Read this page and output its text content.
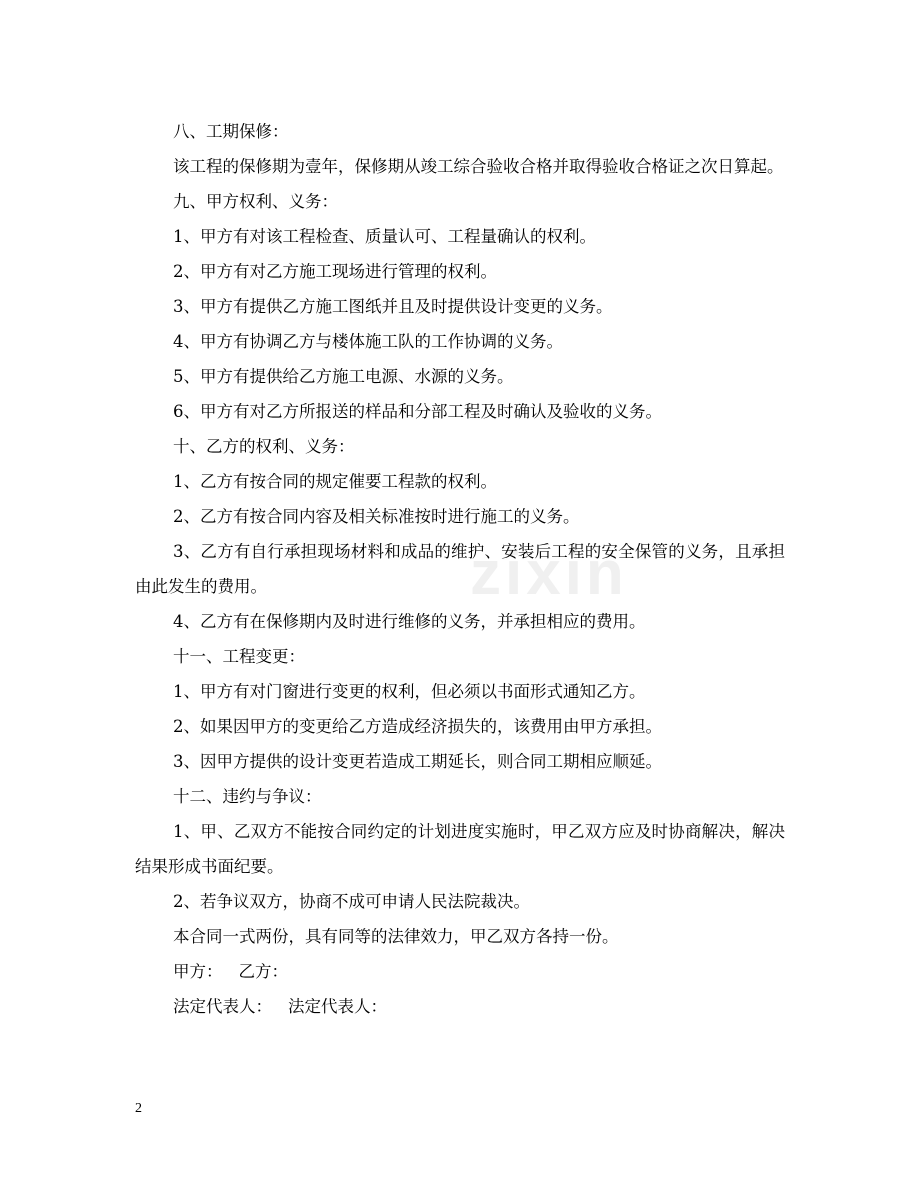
zixin

八、工期保修：

该工程的保修期为壹年，保修期从竣工综合验收合格并取得验收合格证之次日算起。

九、甲方权利、义务：

1、甲方有对该工程检查、质量认可、工程量确认的权利。

2、甲方有对乙方施工现场进行管理的权利。

3、甲方有提供乙方施工图纸并且及时提供设计变更的义务。

4、甲方有协调乙方与楼体施工队的工作协调的义务。

5、甲方有提供给乙方施工电源、水源的义务。

6、甲方有对乙方所报送的样品和分部工程及时确认及验收的义务。

十、乙方的权利、义务：

1、乙方有按合同的规定催要工程款的权利。

2、乙方有按合同内容及相关标准按时进行施工的义务。

3、乙方有自行承担现场材料和成品的维护、安装后工程的安全保管的义务，且承担由此发生的费用。

4、乙方有在保修期内及时进行维修的义务，并承担相应的费用。

十一、工程变更：

1、甲方有对门窗进行变更的权利，但必须以书面形式通知乙方。

2、如果因甲方的变更给乙方造成经济损失的，该费用由甲方承担。

3、因甲方提供的设计变更若造成工期延长，则合同工期相应顺延。

十二、违约与争议：

1、甲、乙双方不能按合同约定的计划进度实施时，甲乙双方应及时协商解决，解决结果形成书面纪要。

2、若争议双方，协商不成可申请人民法院裁决。

本合同一式两份，具有同等的法律效力，甲乙双方各持一份。

甲方： 乙方：

法定代表人： 法定代表人：

2
